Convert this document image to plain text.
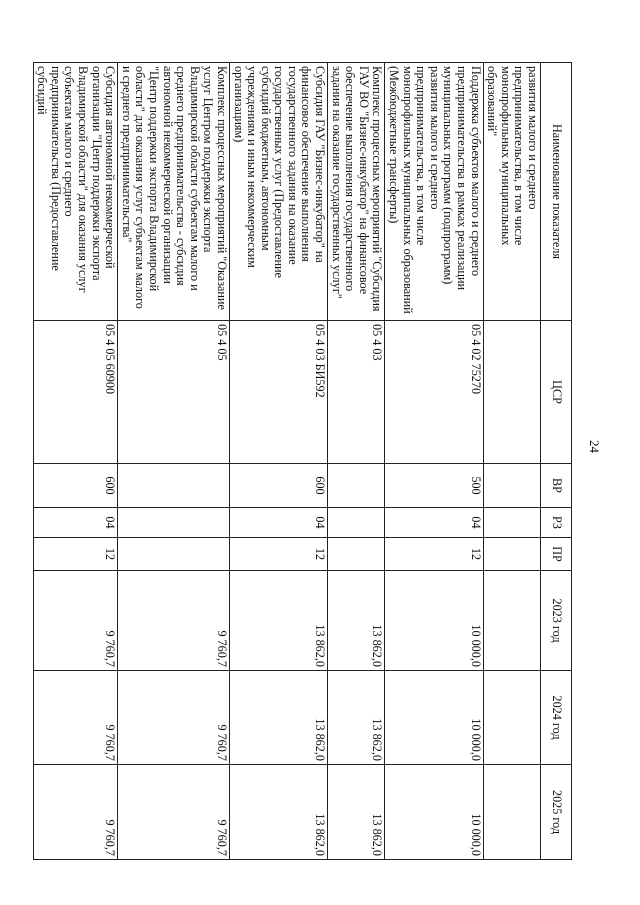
24
Наименование показателя	ЦСР	ВР	РЗ	ПР	2023 год	2024 год	2025 год
развития малого и среднего предпринимательства, в том числе монопрофильных муниципальных образований"							
Поддержка субъектов малого и среднего предпринимательства в рамках реализации муниципальных программ (подпрограмм) развития малого и среднего предпринимательства, в том числе монопрофильных муниципальных образований (Межбюджетные трансферты)	05 4 02 75270	500	04	12	10 000,0	10 000,0	10 000,0
Комплекс процессных мероприятий "Субсидия ГАУ ВО "Бизнес-инкубатор" на финансовое обеспечение выполнения государственного задания на оказание государственных услуг"	05 4 03				13 862,0	13 862,0	13 862,0
Субсидия ГАУ "Бизнес-инкубатор" на финансовое обеспечение выполнения государственного задания на оказание государственных услуг (Предоставление субсидий бюджетным, автономным учреждениям и иным некоммерческим организациям)	05 4 03 БИ592	600	04	12	13 862,0	13 862,0	13 862,0
Комплекс процессных мероприятий "Оказание услуг Центром поддержки экспорта Владимирской области субъектам малого и среднего предпринимательства - субсидия автономной некоммерческой организации "Центр поддержки экспорта Владимирской области" для оказания услуг субъектам малого и среднего предпринимательства"	05 4 05				9 760,7	9 760,7	9 760,7
Субсидия автономной некоммерческой организации "Центр поддержки экспорта Владимирской области" для оказания услуг субъектам малого и среднего предпринимательства (Предоставление субсидий	05 4 05 60900	600	04	12	9 760,7	9 760,7	9 760,7
